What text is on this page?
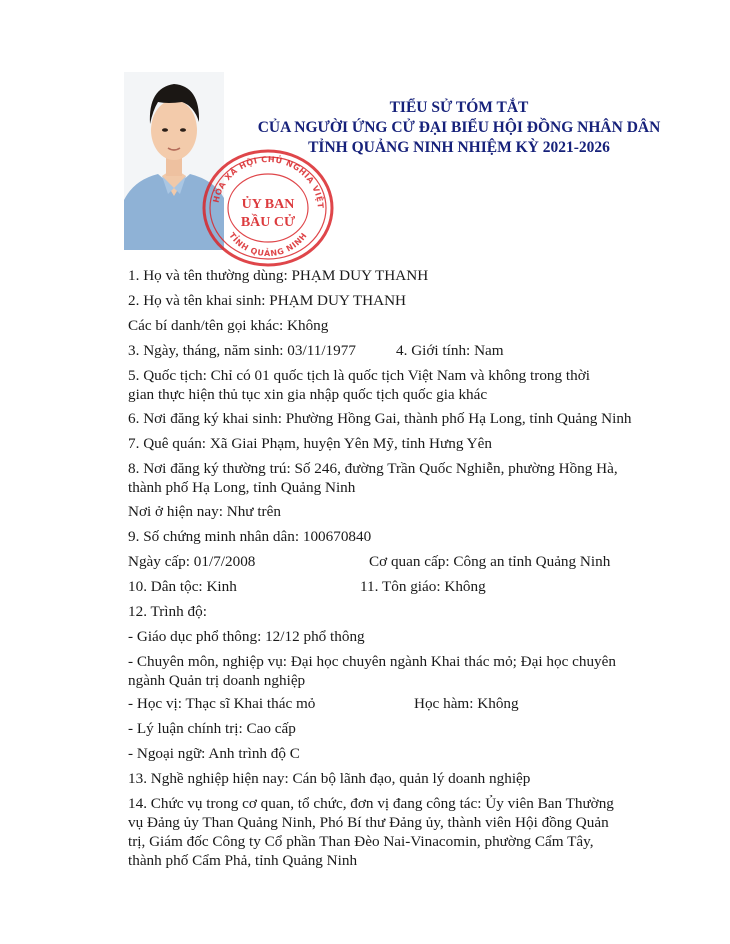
TIỂU SỬ TÓM TẮT
CỦA NGƯỜI ỨNG CỬ ĐẠI BIỂU HỘI ĐỒNG NHÂN DÂN
TỈNH QUẢNG NINH NHIỆM KỲ 2021-2026
1. Họ và tên thường dùng: PHẠM DUY THANH
2. Họ và tên khai sinh: PHẠM DUY THANH
Các bí danh/tên gọi khác: Không
3. Ngày, tháng, năm sinh: 03/11/1977	4. Giới tính: Nam
5. Quốc tịch: Chỉ có 01 quốc tịch là quốc tịch Việt Nam và không trong thời
gian thực hiện thủ tục xin gia nhập quốc tịch quốc gia khác
6. Nơi đăng ký khai sinh: Phường Hồng Gai, thành phố Hạ Long, tỉnh Quảng Ninh
7. Quê quán: Xã Giai Phạm, huyện Yên Mỹ, tỉnh Hưng Yên
8. Nơi đăng ký thường trú: Số 246, đường Trần Quốc Nghiễn, phường Hồng Hà,
thành phố Hạ Long, tỉnh Quảng Ninh
Nơi ở hiện nay: Như trên
9. Số chứng minh nhân dân: 100670840
Ngày cấp: 01/7/2008	Cơ quan cấp: Công an tỉnh Quảng Ninh
10. Dân tộc: Kinh	11. Tôn giáo: Không
12. Trình độ:
- Giáo dục phổ thông: 12/12 phổ thông
- Chuyên môn, nghiệp vụ: Đại học chuyên ngành Khai thác mỏ; Đại học chuyên
ngành Quản trị doanh nghiệp
- Học vị: Thạc sĩ Khai thác mỏ	Học hàm: Không
- Lý luận chính trị: Cao cấp
- Ngoại ngữ: Anh trình độ C
13. Nghề nghiệp hiện nay: Cán bộ lãnh đạo, quản lý doanh nghiệp
14. Chức vụ trong cơ quan, tổ chức, đơn vị đang công tác: Ủy viên Ban Thường
vụ Đảng ủy Than Quảng Ninh, Phó Bí thư Đảng ủy, thành viên Hội đồng Quản
trị, Giám đốc Công ty Cổ phần Than Đèo Nai-Vinacomin, phường Cẩm Tây,
thành phố Cẩm Phả, tỉnh Quảng Ninh
HÒA XÃ HỘI CHỦ NGHĨA VIỆT
TỈNH QUẢNG NINH
ỦY BAN
BẦU CỬ
